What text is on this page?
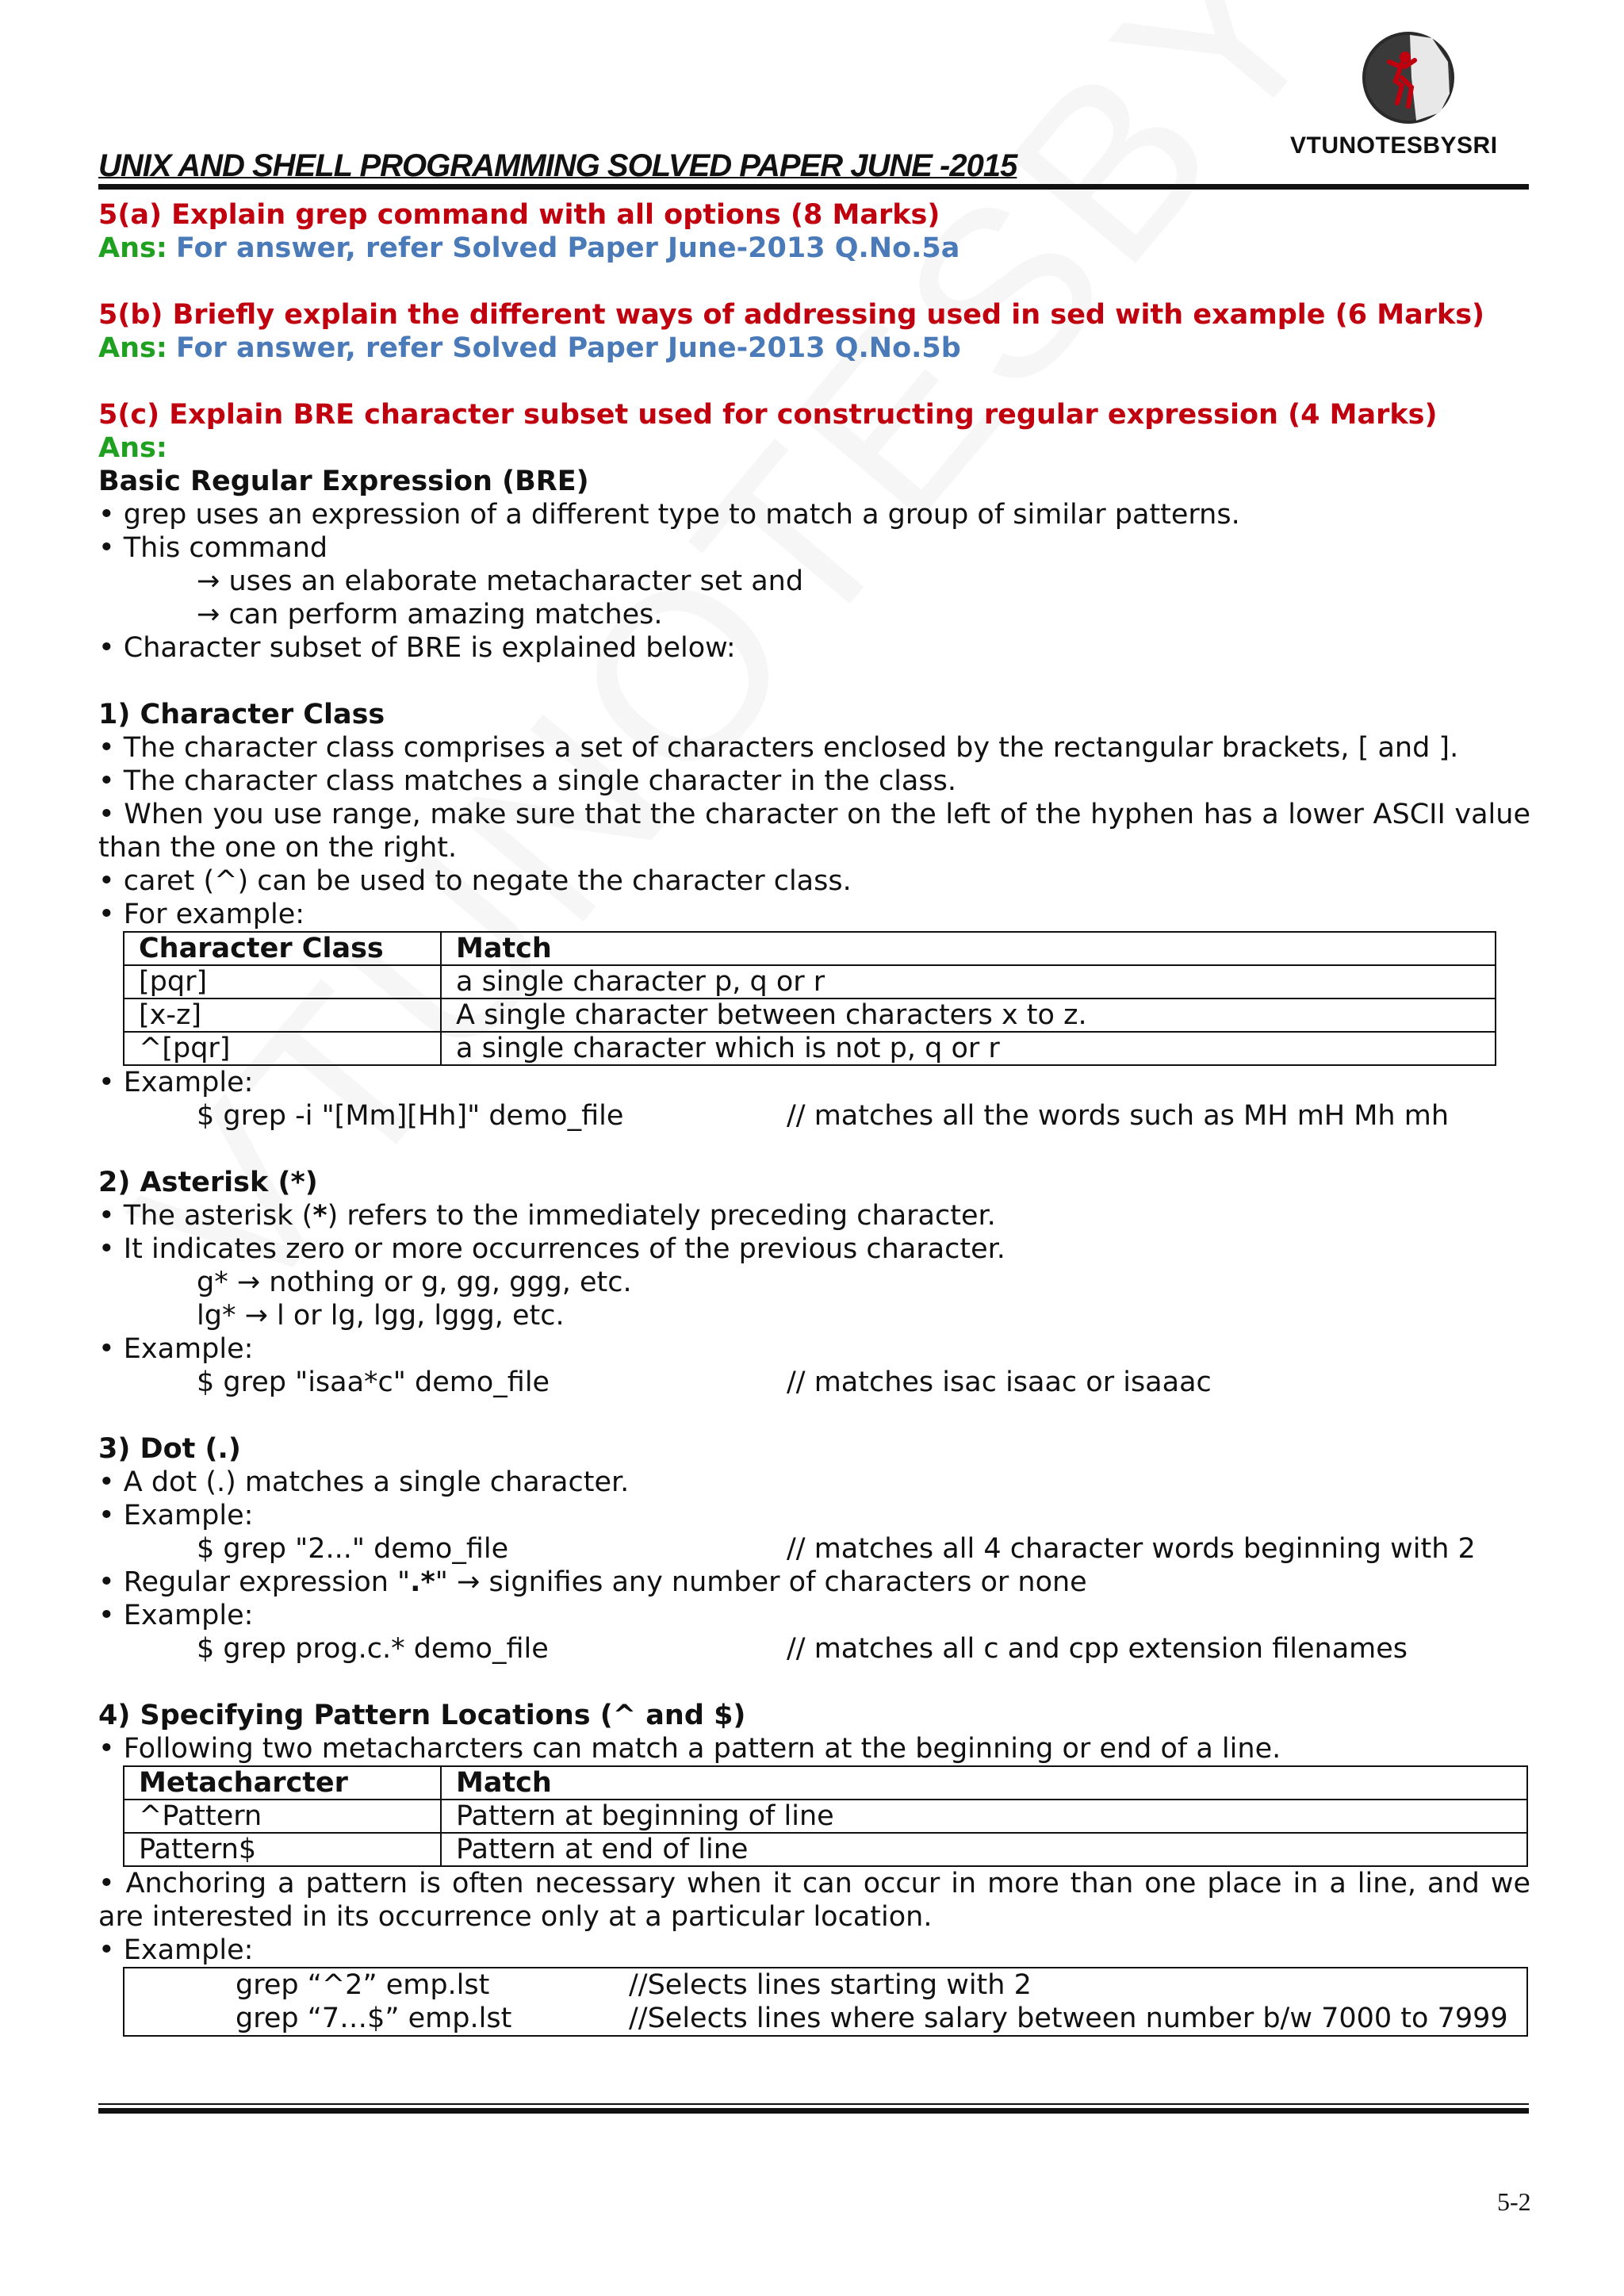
VTUNOTESBYSRI
UNIX AND SHELL PROGRAMMING SOLVED PAPER JUNE -2015
5(a) Explain grep command with all options (8 Marks)
Ans: For answer, refer Solved Paper June-2013 Q.No.5a
5(b) Briefly explain the different ways of addressing used in sed with example (6 Marks)
Ans: For answer, refer Solved Paper June-2013 Q.No.5b
5(c) Explain BRE character subset used for constructing regular expression (4 Marks)
Ans:
Basic Regular Expression (BRE)
• grep uses an expression of a different type to match a group of similar patterns.
• This command
→ uses an elaborate metacharacter set and
→ can perform amazing matches.
• Character subset of BRE is explained below:
1) Character Class
• The character class comprises a set of characters enclosed by the rectangular brackets, [ and ].
• The character class matches a single character in the class.
• When you use range, make sure that the character on the left of the hyphen has a lower ASCII value than the one on the right.
• caret (^) can be used to negate the character class.
• For example:
Character Class	Match
[pqr]	a single character p, q or r
[x-z]	A single character between characters x to z.
^[pqr]	a single character which is not p, q or r
• Example:
$ grep -i "[Mm][Hh]" demo_file	// matches all the words such as MH mH Mh mh
2) Asterisk (*)
• The asterisk (*) refers to the immediately preceding character.
• It indicates zero or more occurrences of the previous character.
g* → nothing or g, gg, ggg, etc.
lg* → l or lg, lgg, lggg, etc.
• Example:
$ grep "isaa*c" demo_file	// matches isac isaac or isaaac
3) Dot (.)
• A dot (.) matches a single character.
• Example:
$ grep "2..." demo_file	// matches all 4 character words beginning with 2
• Regular expression ".*" → signifies any number of characters or none
• Example:
$ grep prog.c.* demo_file	// matches all c and cpp extension filenames
4) Specifying Pattern Locations (^ and $)
• Following two metacharcters can match a pattern at the beginning or end of a line.
Metacharcter	Match
^Pattern	Pattern at beginning of line
Pattern$	Pattern at end of line
• Anchoring a pattern is often necessary when it can occur in more than one place in a line, and we are interested in its occurrence only at a particular location.
• Example:
grep “^2” emp.lst	//Selects lines starting with 2
grep “7…$” emp.lst	//Selects lines where salary between number b/w 7000 to 7999
5-2
